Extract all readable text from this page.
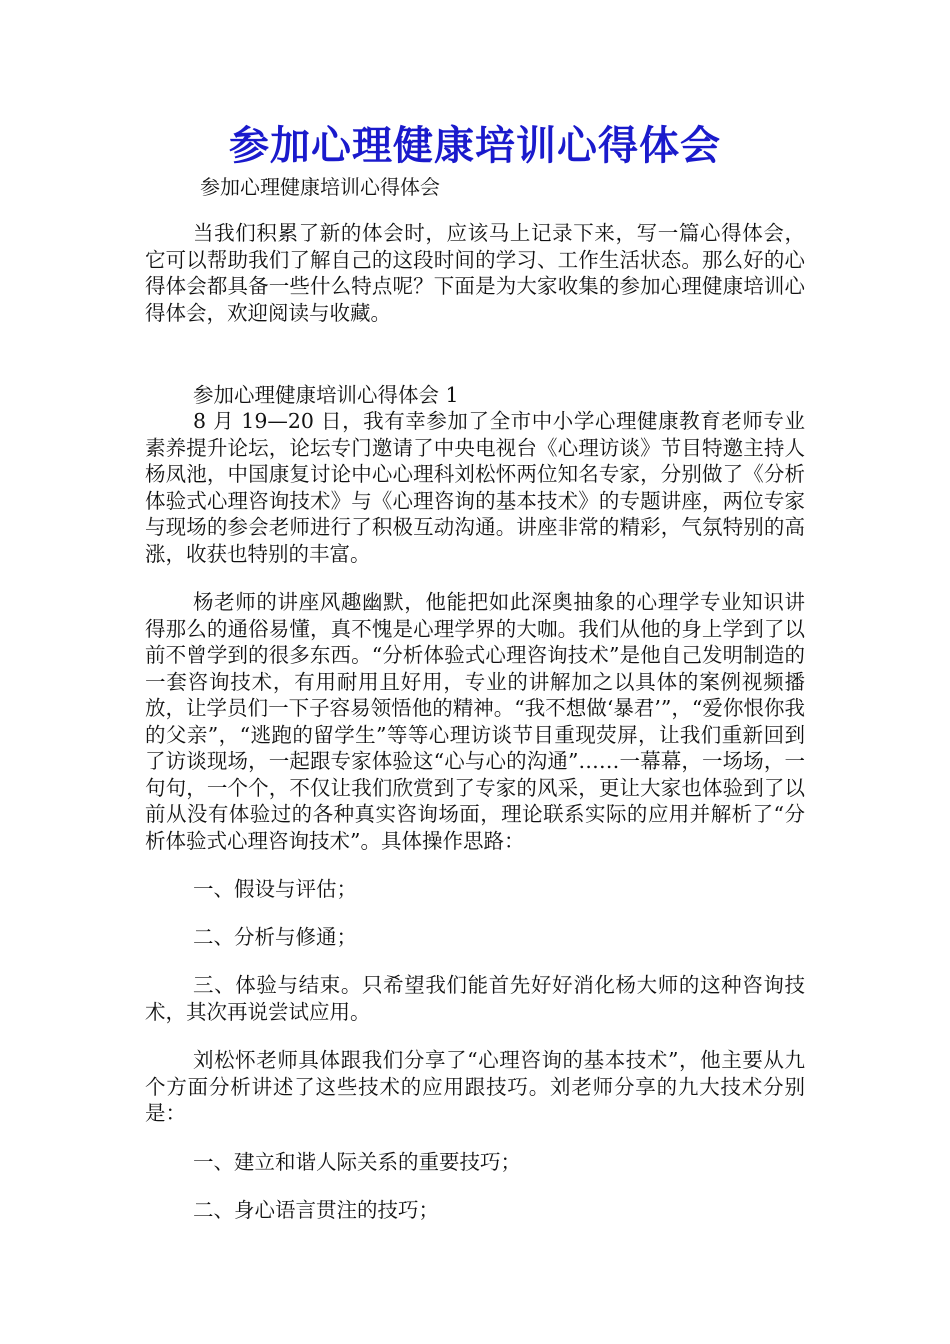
参加心理健康培训心得体会

参加心理健康培训心得体会

当我们积累了新的体会时，应该马上记录下来，写一篇心得体会，它可以帮助我们了解自己的这段时间的学习、工作生活状态。那么好的心得体会都具备一些什么特点呢？下面是为大家收集的参加心理健康培训心得体会，欢迎阅读与收藏。

参加心理健康培训心得体会 1

8 月 19—20 日，我有幸参加了全市中小学心理健康教育老师专业素养提升论坛，论坛专门邀请了中央电视台《心理访谈》节目特邀主持人杨凤池，中国康复讨论中心心理科刘松怀两位知名专家，分别做了《分析体验式心理咨询技术》与《心理咨询的基本技术》的专题讲座，两位专家与现场的参会老师进行了积极互动沟通。讲座非常的精彩，气氛特别的高涨，收获也特别的丰富。

杨老师的讲座风趣幽默，他能把如此深奥抽象的心理学专业知识讲得那么的通俗易懂，真不愧是心理学界的大咖。我们从他的身上学到了以前不曾学到的很多东西。“分析体验式心理咨询技术”是他自己发明制造的一套咨询技术，有用耐用且好用，专业的讲解加之以具体的案例视频播放，让学员们一下子容易领悟他的精神。“我不想做‘暴君’”，“爱你恨你我的父亲”，“逃跑的留学生”等等心理访谈节目重现荧屏，让我们重新回到了访谈现场，一起跟专家体验这“心与心的沟通”……一幕幕，一场场，一句句，一个个，不仅让我们欣赏到了专家的风采，更让大家也体验到了以前从没有体验过的各种真实咨询场面，理论联系实际的应用并解析了“分析体验式心理咨询技术”。具体操作思路：

一、假设与评估；

二、分析与修通；

三、体验与结束。只希望我们能首先好好消化杨大师的这种咨询技术，其次再说尝试应用。

刘松怀老师具体跟我们分享了“心理咨询的基本技术”，他主要从九个方面分析讲述了这些技术的应用跟技巧。刘老师分享的九大技术分别是：

一、建立和谐人际关系的重要技巧；

二、身心语言贯注的技巧；
